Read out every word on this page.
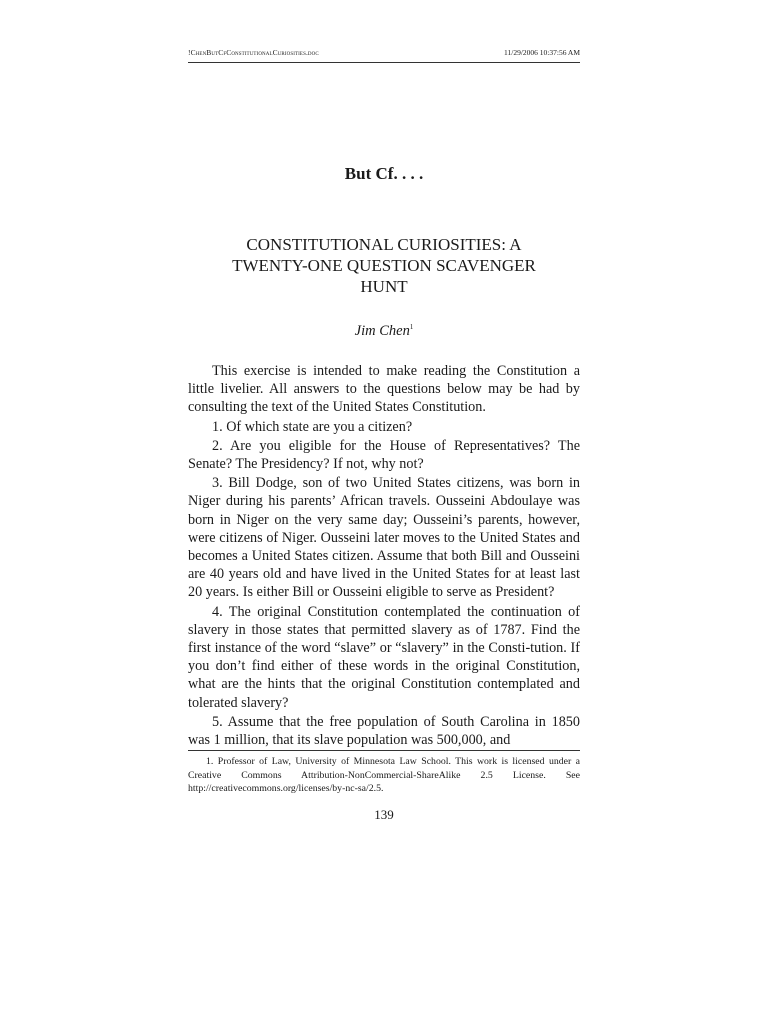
!ChenButCfConstitutionalCuriosities.doc	11/29/2006 10:37:56 AM
But Cf. . . .
CONSTITUTIONAL CURIOSITIES: A
TWENTY-ONE QUESTION SCAVENGER
HUNT
Jim Chen$^1$

This exercise is intended to make reading the Constitution a little livelier. All answers to the questions below may be had by consulting the text of the United States Constitution.

1. Of which state are you a citizen?

2. Are you eligible for the House of Representatives? The Senate? The Presidency? If not, why not?

3. Bill Dodge, son of two United States citizens, was born in Niger during his parents’ African travels. Ousseini Abdoulaye was born in Niger on the very same day; Ousseini’s parents, however, were citizens of Niger. Ousseini later moves to the United States and becomes a United States citizen. Assume that both Bill and Ousseini are 40 years old and have lived in the United States for at least last 20 years. Is either Bill or Ousseini eligible to serve as President?

4. The original Constitution contemplated the continuation of slavery in those states that permitted slavery as of 1787. Find the first instance of the word “slave” or “slavery” in the Consti-tution. If you don’t find either of these words in the original Constitution, what are the hints that the original Constitution contemplated and tolerated slavery?

5. Assume that the free population of South Carolina in 1850 was 1 million, that its slave population was 500,000, and

1. Professor of Law, University of Minnesota Law School. This work is licensed under a Creative Commons Attribution-NonCommercial-ShareAlike 2.5 License. See http://creativecommons.org/licenses/by-nc-sa/2.5.
139
